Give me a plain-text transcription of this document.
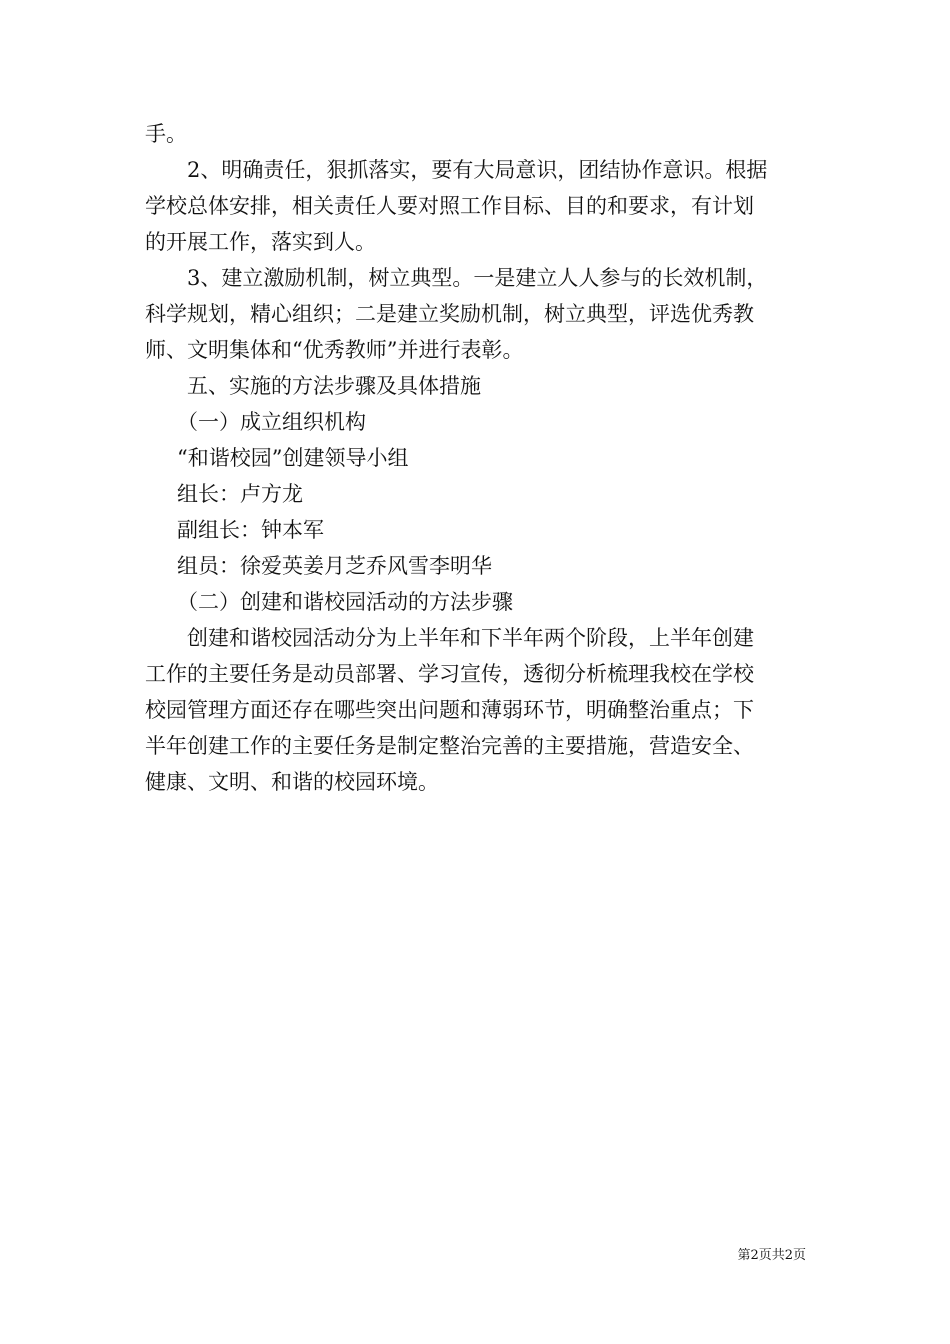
手。
2、明确责任，狠抓落实，要有大局意识，团结协作意识。根据
学校总体安排，相关责任人要对照工作目标、目的和要求，有计划
的开展工作，落实到人。
3、建立激励机制，树立典型。一是建立人人参与的长效机制，
科学规划，精心组织；二是建立奖励机制，树立典型，评选优秀教
师、文明集体和“优秀教师”并进行表彰。
五、实施的方法步骤及具体措施
（一）成立组织机构
“和谐校园”创建领导小组
组长：卢方龙
副组长：钟本军
组员：徐爱英姜月芝乔风雪李明华
（二）创建和谐校园活动的方法步骤
创建和谐校园活动分为上半年和下半年两个阶段，上半年创建
工作的主要任务是动员部署、学习宣传，透彻分析梳理我校在学校
校园管理方面还存在哪些突出问题和薄弱环节，明确整治重点；下
半年创建工作的主要任务是制定整治完善的主要措施，营造安全、
健康、文明、和谐的校园环境。
第2页共2页
